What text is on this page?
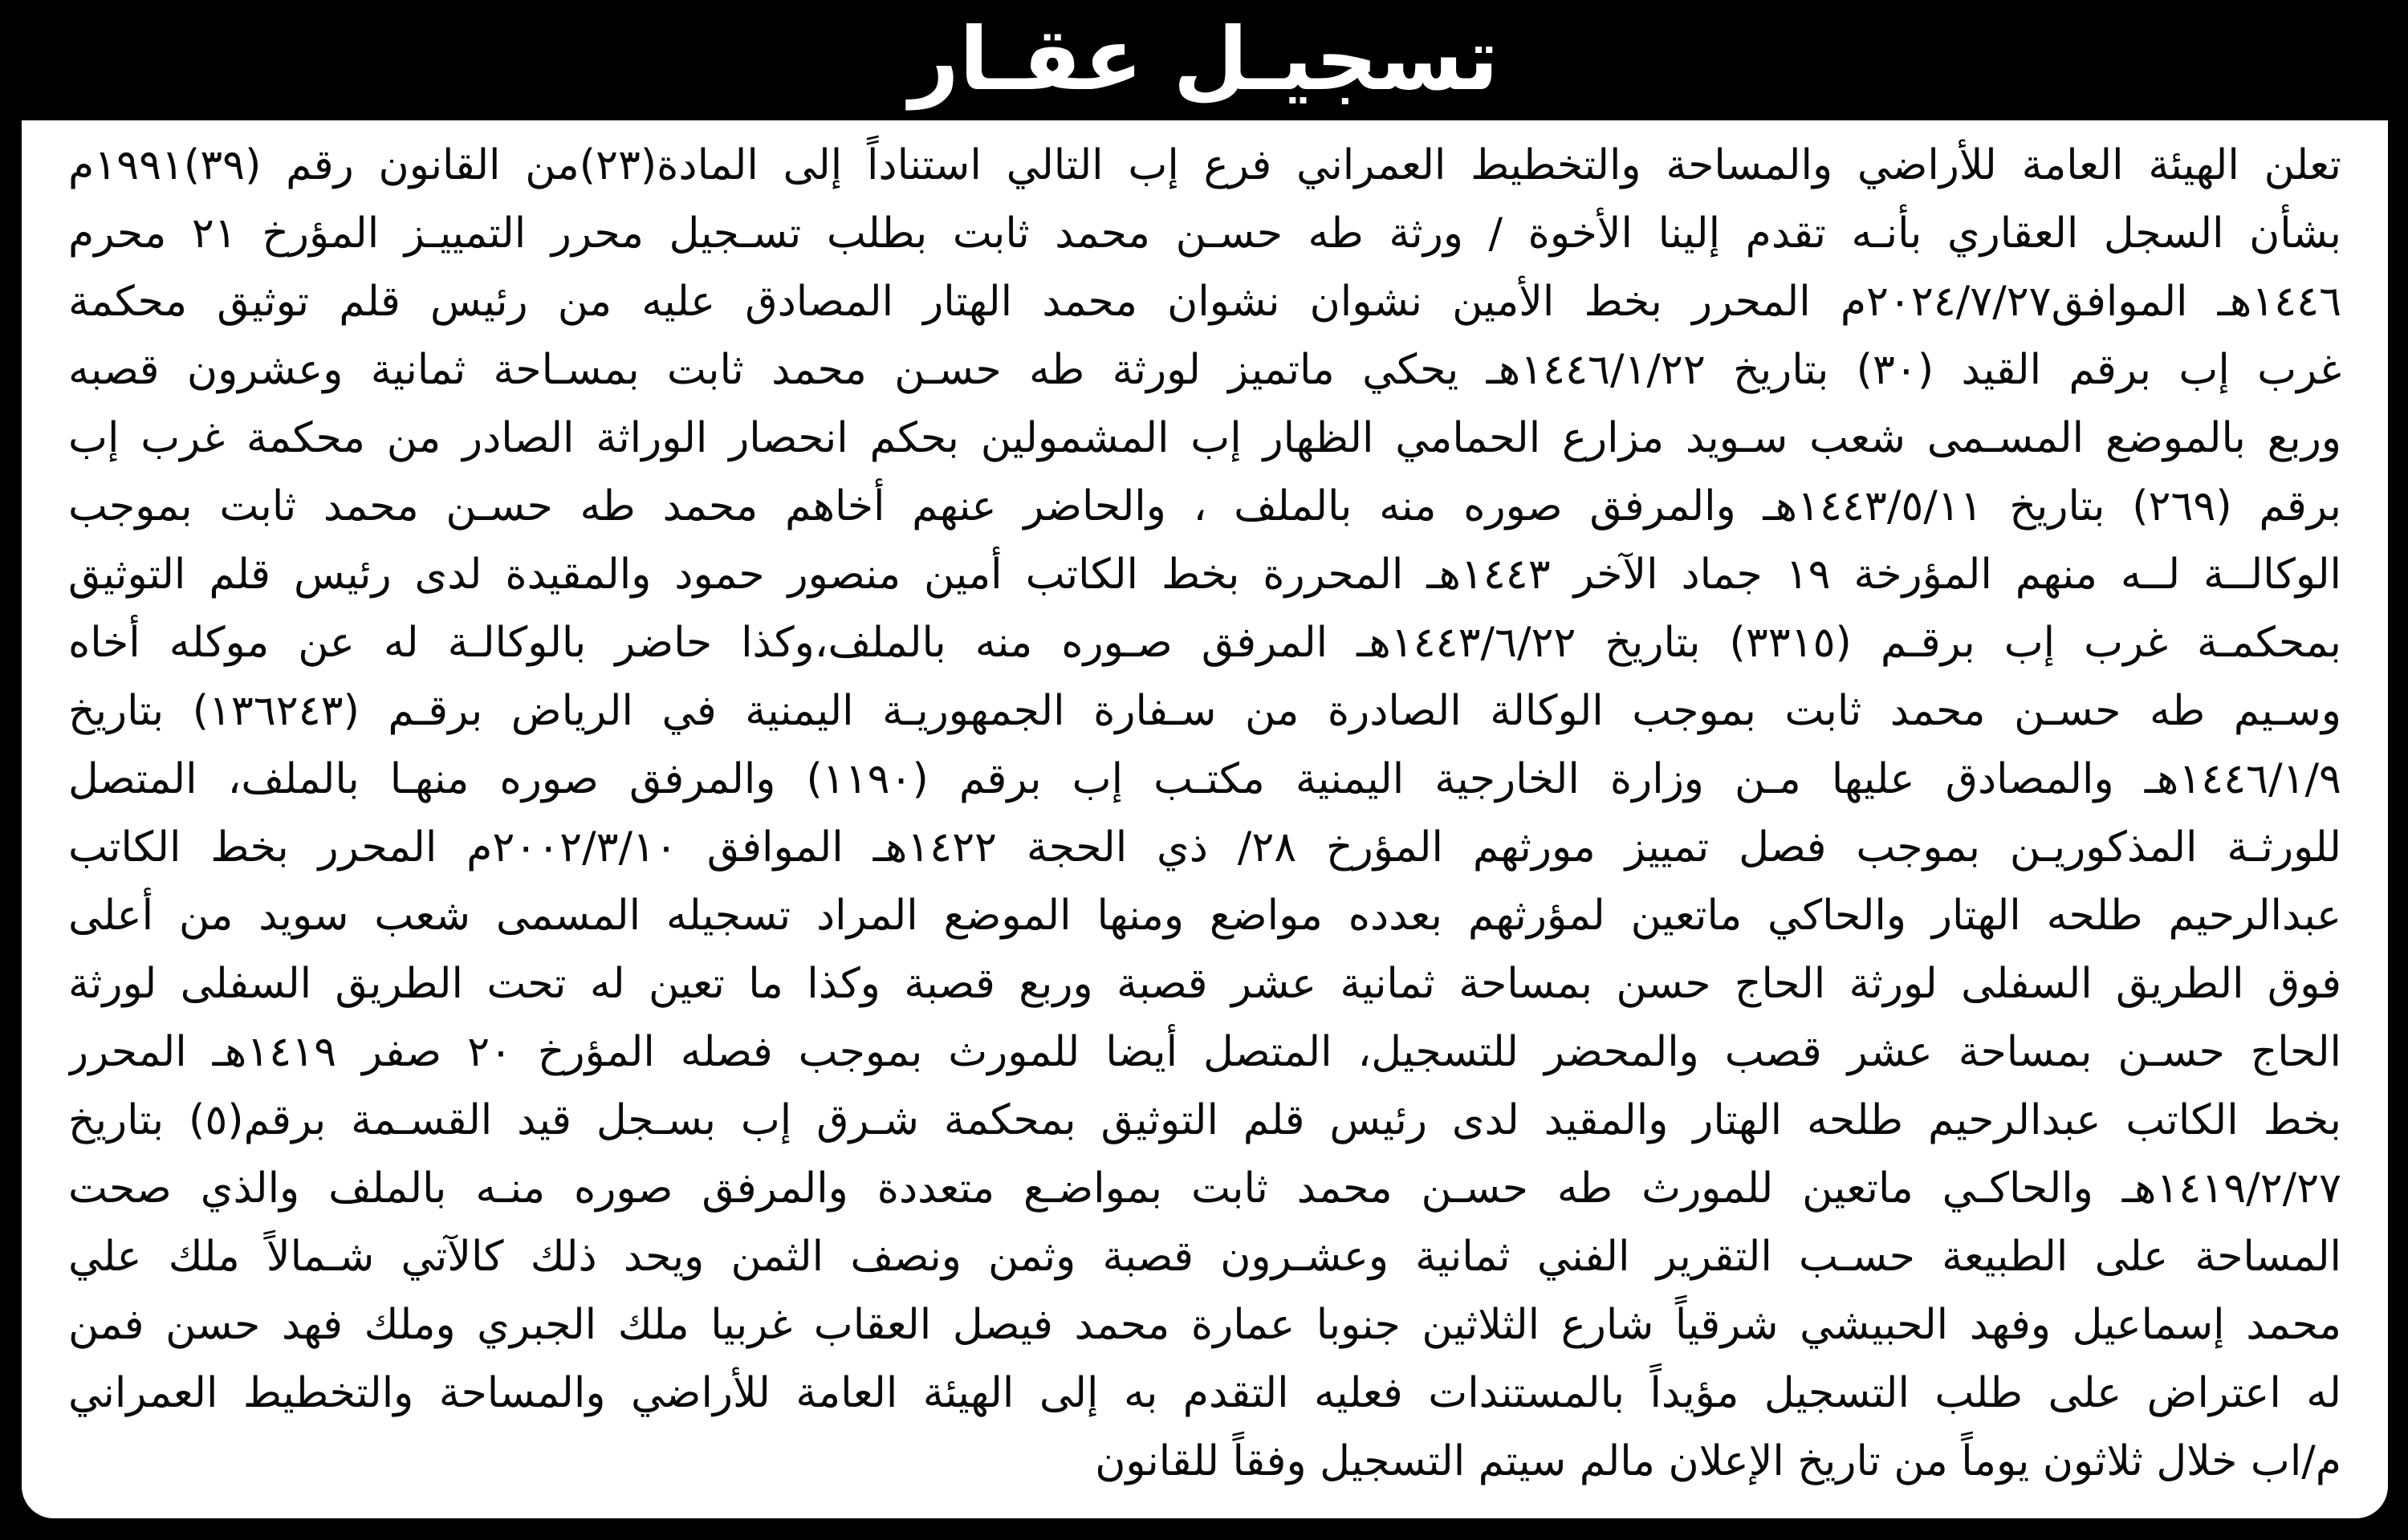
تسجيـل عقـار
تعلن الهيئة العامة للأراضي والمساحة والتخطيط العمراني فرع إب التالي استناداً إلى المادة(٢٣)من القانون رقم (٣٩)١٩٩١م
بشأن السجل العقاري بأنـه تقدم إلينا الأخوة / ورثة طه حسـن محمد ثابت بطلب تسـجيل محرر التمييـز المؤرخ ٢١ محرم
١٤٤٦هـ الموافق٢٠٢٤/٧/٢٧م المحرر بخط الأمين نشوان نشوان محمد الهتار المصادق عليه من رئيس قلم توثيق محكمة
غرب إب برقم القيد (٣٠) بتاريخ ١٤٤٦/١/٢٢هـ يحكي ماتميز لورثة طه حسـن محمد ثابت بمسـاحة ثمانية وعشرون قصبه
وربع بالموضع المسـمى شعب سـويد مزارع الحمامي الظهار إب المشمولين بحكم انحصار الوراثة الصادر من محكمة غرب إب
برقم (٢٦٩) بتاريخ ١٤٤٣/٥/١١هـ والمرفق صوره منه بالملف ، والحاضر عنهم أخاهم محمد طه حسـن محمد ثابت بموجب
الوكالــة لــه منهم المؤرخة ١٩ جماد الآخر ١٤٤٣هـ المحررة بخط الكاتب أمين منصور حمود والمقيدة لدى رئيس قلم التوثيق
بمحكمـة غرب إب برقـم (٣٣١٥) بتاريخ ١٤٤٣/٦/٢٢هـ المرفق صـوره منه بالملف،وكذا حاضر بالوكالـة له عن موكله أخاه
وسـيم طه حسـن محمد ثابت بموجب الوكالة الصادرة من سـفارة الجمهوريـة اليمنية في الرياض برقـم (١٣٦٢٤٣) بتاريخ
١٤٤٦/١/٩هـ والمصادق عليها مـن وزارة الخارجية اليمنية مكتـب إب برقم (١١٩٠) والمرفق صوره منهـا بالملف، المتصل
للورثـة المذكوريـن بموجب فصل تمييز مورثهم المؤرخ ٢٨/ ذي الحجة ١٤٢٢هـ الموافق ٢٠٠٢/٣/١٠م المحرر بخط الكاتب
عبدالرحيم طلحه الهتار والحاكي ماتعين لمؤرثهم بعدده مواضع ومنها الموضع المراد تسجيله المسمى شعب سويد من أعلى
فوق الطريق السفلى لورثة الحاج حسن بمساحة ثمانية عشر قصبة وربع قصبة وكذا ما تعين له تحت الطريق السفلى لورثة
الحاج حسـن بمساحة عشر قصب والمحضر للتسجيل، المتصل أيضا للمورث بموجب فصله المؤرخ ٢٠ صفر ١٤١٩هـ المحرر
بخط الكاتب عبدالرحيم طلحه الهتار والمقيد لدى رئيس قلم التوثيق بمحكمة شـرق إب بسـجل قيد القسـمة برقم(٥) بتاريخ
١٤١٩/٢/٢٧هـ والحاكـي ماتعين للمورث طه حسـن محمد ثابت بمواضـع متعددة والمرفق صوره منـه بالملف والذي صحت
المساحة على الطبيعة حسـب التقرير الفني ثمانية وعشـرون قصبة وثمن ونصف الثمن ويحد ذلك كالآتي شـمالاً ملك علي
محمد إسماعيل وفهد الحبيشي شرقياً شارع الثلاثين جنوبا عمارة محمد فيصل العقاب غربيا ملك الجبري وملك فهد حسن فمن
له اعتراض على طلب التسجيل مؤيداً بالمستندات فعليه التقدم به إلى الهيئة العامة للأراضي والمساحة والتخطيط العمراني
م/اب خلال ثلاثون يوماً من تاريخ الإعلان مالم سيتم التسجيل وفقاً للقانون
